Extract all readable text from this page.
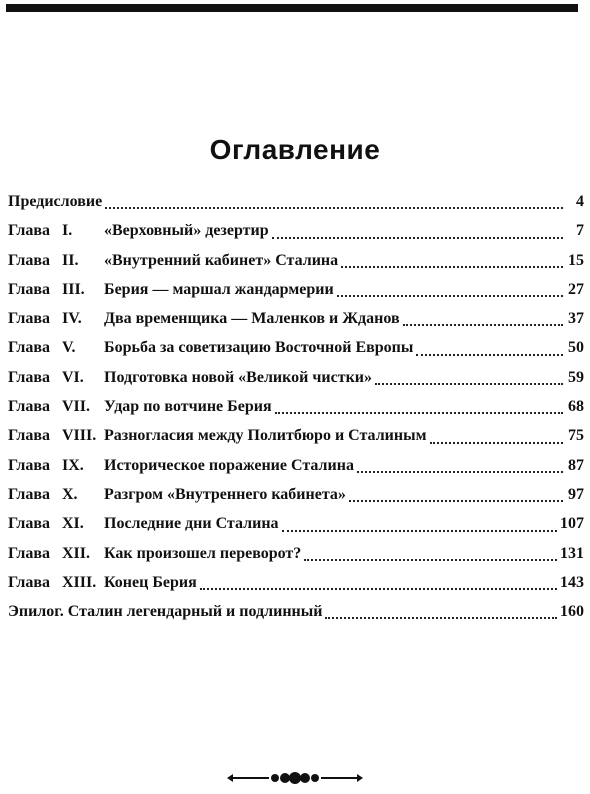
Оглавление
Предисловие	4
Глава I.	«Верховный» дезертир	7
Глава II.	«Внутренний кабинет» Сталина	15
Глава III.	Берия — маршал жандармерии	27
Глава IV.	Два временщика — Маленков и Жданов	37
Глава V.	Борьба за советизацию Восточной Европы	50
Глава VI.	Подготовка новой «Великой чистки»	59
Глава VII. Удар по вотчине Берия	68
Глава VIII. Разногласия между Политбюро и Сталиным	75
Глава IX.	Историческое поражение Сталина	87
Глава X.	Разгром «Внутреннего кабинета»	97
Глава XI.	Последние дни Сталина	107
Глава XII. Как произошел переворот?	131
Глава XIII. Конец Берия	143
Эпилог. Сталин легендарный и подлинный	160
